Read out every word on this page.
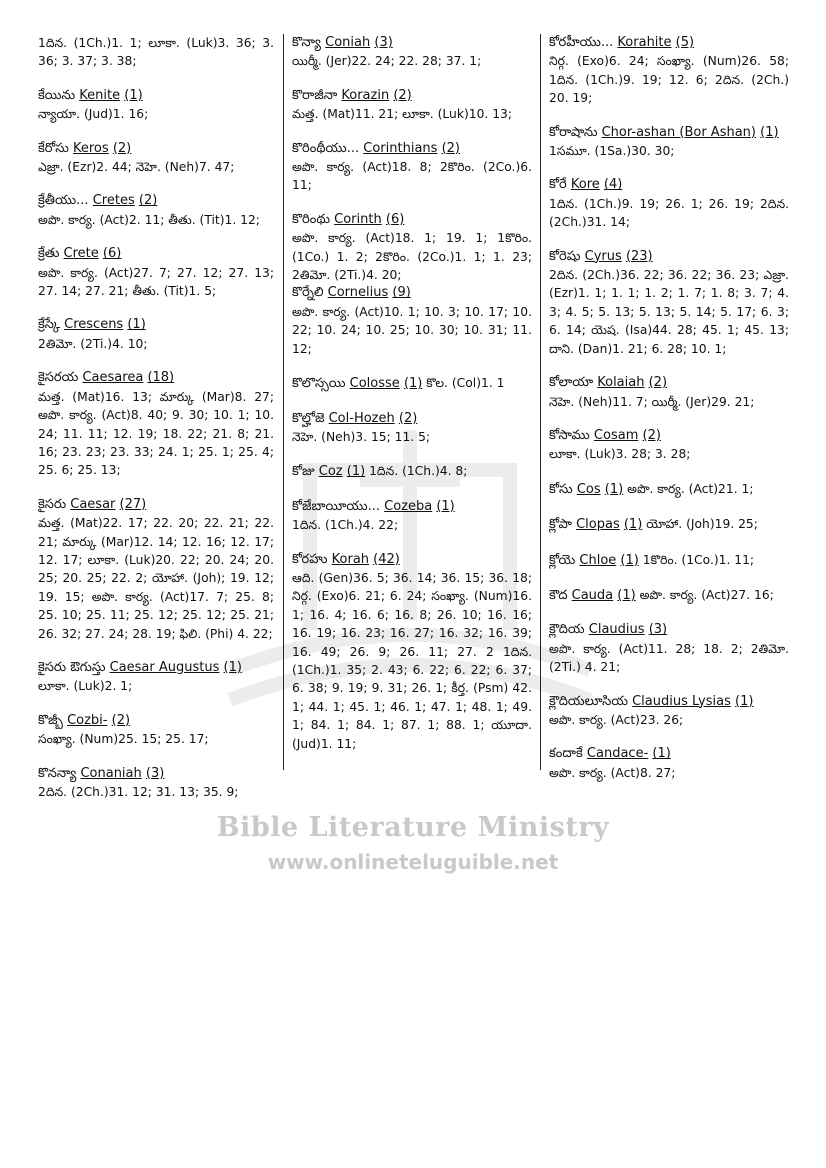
1దిన. (1Ch.)1. 1; లూకా. (Luk)3. 36; 3. 36; 3. 37; 3. 38;
కేయిను Kenite (1)
న్యాయా. (Jud)1. 16;
కేరోసు Keros (2)
ఎజ్రా. (Ezr)2. 44; నెహె. (Neh)7. 47;
క్రేతీయు... Cretes (2)
అపొ. కార్య. (Act)2. 11; తీతు. (Tit)1. 12;
క్రేతు Crete (6)
అపొ. కార్య. (Act)27. 7; 27. 12; 27. 13; 27. 14; 27. 21; తీతు. (Tit)1. 5;
క్రేస్కే Crescens (1)
2తిమో. (2Ti.)4. 10;
కైసరయ Caesarea (18)
మత్త. (Mat)16. 13; మార్కు (Mar)8. 27; అపొ. కార్య. (Act)8. 40; 9. 30; 10. 1; 10. 24; 11. 11; 12. 19; 18. 22; 21. 8; 21. 16; 23. 23; 23. 33; 24. 1; 25. 1; 25. 4; 25. 6; 25. 13;
కైసరు Caesar (27)
మత్త. (Mat)22. 17; 22. 20; 22. 21; 22. 21; మార్కు (Mar)12. 14; 12. 16; 12. 17; 12. 17; లూకా. (Luk)20. 22; 20. 24; 20. 25; 20. 25; 22. 2; యోహా. (Joh); 19. 12; 19. 15; అపొ. కార్య. (Act)17. 7; 25. 8; 25. 10; 25. 11; 25. 12; 25. 12; 25. 21; 26. 32; 27. 24; 28. 19; ఫిలి. (Phi) 4. 22;
కైసరు ఔగుస్తు Caesar Augustus (1)
లూకా. (Luk)2. 1;
కొజ్బీ Cozbi- (2)
సంఖ్యా. (Num)25. 15; 25. 17;
కొనన్యా Conaniah (3)
2దిన. (2Ch.)31. 12; 31. 13; 35. 9;
కొన్యా Coniah (3)
యిర్మీ. (Jer)22. 24; 22. 28; 37. 1;
కొరాజీనా Korazin (2)
మత్త. (Mat)11. 21; లూకా. (Luk)10. 13;
కొరింథీయు... Corinthians (2)
అపొ. కార్య. (Act)18. 8; 2కొరిం. (2Co.)6. 11;
కొరింథు Corinth (6)
అపొ. కార్య. (Act)18. 1; 19. 1; 1కొరిం. (1Co.) 1. 2; 2కొరిం. (2Co.)1. 1; 1. 23; 2తిమో. (2Ti.)4. 20;
కొర్నేలి Cornelius (9)
అపొ. కార్య. (Act)10. 1; 10. 3; 10. 17; 10. 22; 10. 24; 10. 25; 10. 30; 10. 31; 11. 12;
కొలొస్సయి Colosse (1) కొల. (Col)1. 1
కొల్హోజె Col-Hozeh (2)
నెహె. (Neh)3. 15; 11. 5;
కోజు Coz (1) 1దిన. (1Ch.)4. 8;
కోజేబాయీయు... Cozeba (1)
1దిన. (1Ch.)4. 22;
కోరహు Korah (42)
ఆది. (Gen)36. 5; 36. 14; 36. 15; 36. 18; నిర్గ. (Exo)6. 21; 6. 24; సంఖ్యా. (Num)16. 1; 16. 4; 16. 6; 16. 8; 26. 10; 16. 16; 16. 19; 16. 23; 16. 27; 16. 32; 16. 39; 16. 49; 26. 9; 26. 11; 27. 2 1దిన. (1Ch.)1. 35; 2. 43; 6. 22; 6. 22; 6. 37; 6. 38; 9. 19; 9. 31; 26. 1; కీర్త. (Psm) 42. 1; 44. 1; 45. 1; 46. 1; 47. 1; 48. 1; 49. 1; 84. 1; 84. 1; 87. 1; 88. 1; యూదా. (Jud)1. 11;
కోరహీయు... Korahite (5)
నిర్గ. (Exo)6. 24; సంఖ్యా. (Num)26. 58; 1దిన. (1Ch.)9. 19; 12. 6; 2దిన. (2Ch.) 20. 19;
కోరాషాను Chor-ashan (Bor Ashan) (1)
1సమూ. (1Sa.)30. 30;
కోరే Kore (4)
1దిన. (1Ch.)9. 19; 26. 1; 26. 19; 2దిన. (2Ch.)31. 14;
కోరెషు Cyrus (23)
2దిన. (2Ch.)36. 22; 36. 22; 36. 23; ఎజ్రా. (Ezr)1. 1; 1. 1; 1. 2; 1. 7; 1. 8; 3. 7; 4. 3; 4. 5; 5. 13; 5. 13; 5. 14; 5. 17; 6. 3; 6. 14; యెష. (Isa)44. 28; 45. 1; 45. 13; దాని. (Dan)1. 21; 6. 28; 10. 1;
కోలాయా Kolaiah (2)
నెహె. (Neh)11. 7; యిర్మీ. (Jer)29. 21;
కోసాము Cosam (2)
లూకా. (Luk)3. 28; 3. 28;
కోసు Cos (1) అపొ. కార్య. (Act)21. 1;
క్లోపా Clopas (1) యోహా. (Joh)19. 25;
క్లోయె Chloe (1) 1కొరిం. (1Co.)1. 11;
కౌద Cauda (1) అపొ. కార్య. (Act)27. 16;
క్లౌదియ Claudius (3)
అపొ. కార్య. (Act)11. 28; 18. 2; 2తిమో. (2Ti.) 4. 21;
క్లౌదియలూసియ Claudius Lysias (1)
అపొ. కార్య. (Act)23. 26;
కందాకే Candace- (1)
అపొ. కార్య. (Act)8. 27;
Bible Literature Ministry
www.onlineteluguible.net
